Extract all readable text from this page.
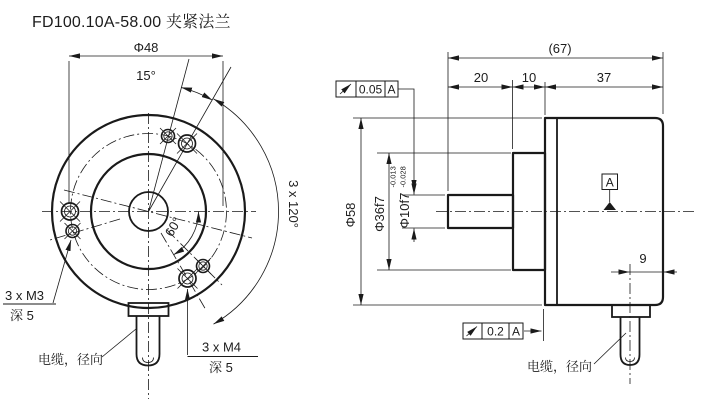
FD100.10A-58.00 夹紧法兰
15°
3 x 120°
60°
Φ48
3 x M3
深 5
3 x M4
深 5
电缆，径向
(67)
20	10	37
Φ58 Φ36f7 Φ10f7
-0.013 -0.028
0.05 A
0.2 A
A
9
电缆，径向
